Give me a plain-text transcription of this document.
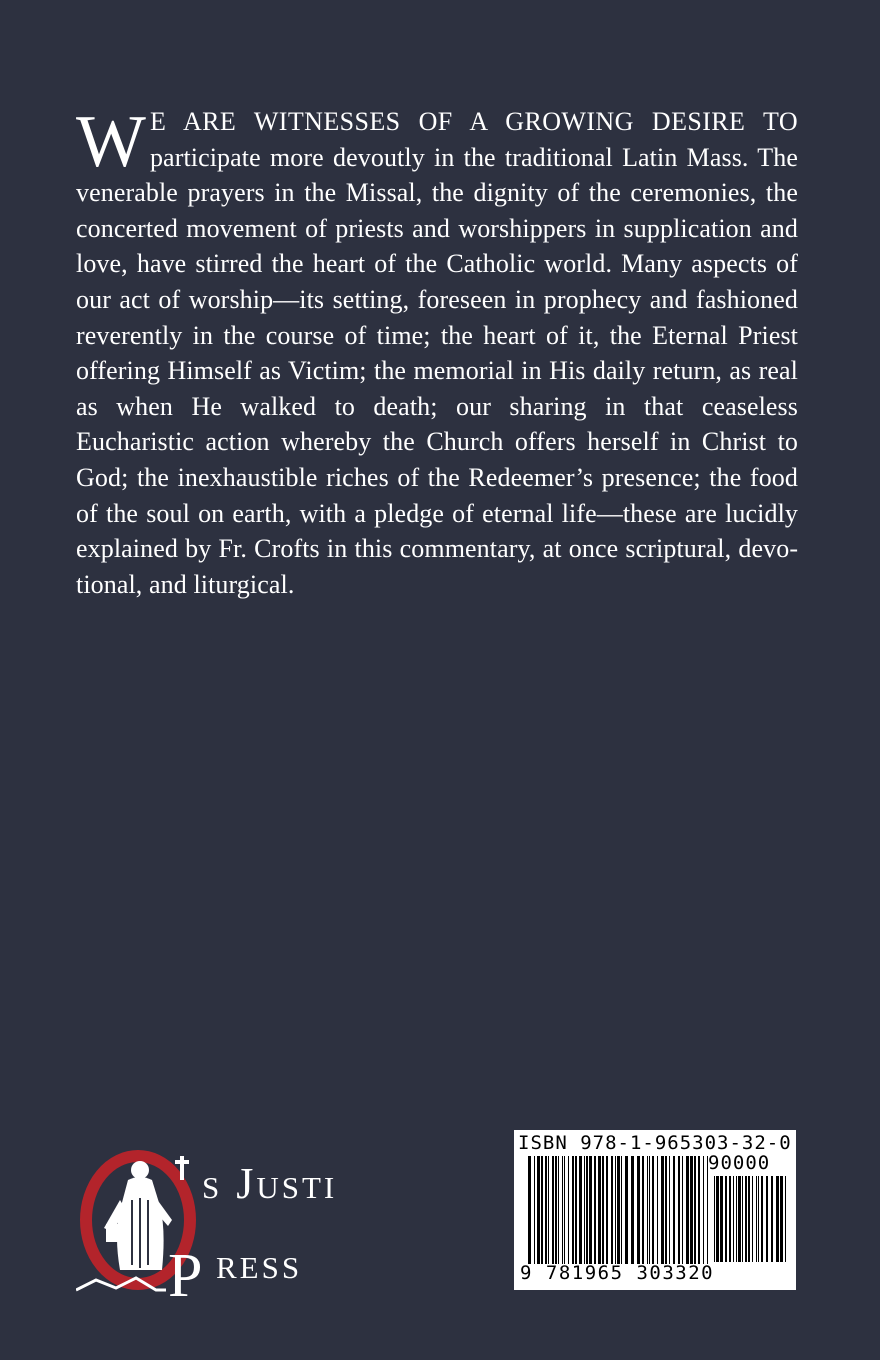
W E ARE WITNESSES OF A GROWING DESIRE TO participate more devoutly in the traditional Latin Mass. The venerable prayers in the Missal, the dignity of the ceremonies, the concerted movement of priests and worshippers in supplication and love, have stirred the heart of the Catholic world. Many aspects of our act of worship—its setting, foreseen in prophecy and fashioned reverently in the course of time; the heart of it, the Eternal Priest offering Himself as Victim; the memorial in His daily return, as real as when He walked to death; our sharing in that ceaseless Eucharistic action whereby the Church offers herself in Christ to God; the inexhaustible riches of the Redeemer’s presence; the food of the soul on earth, with a pledge of eternal life—these are lucidly explained by Fr. Crofts in this commentary, at once scriptural, devotional, and liturgical.
P
s Justi
ress
ISBN 978-1-965303-32-0
90000
9 781965 303320
